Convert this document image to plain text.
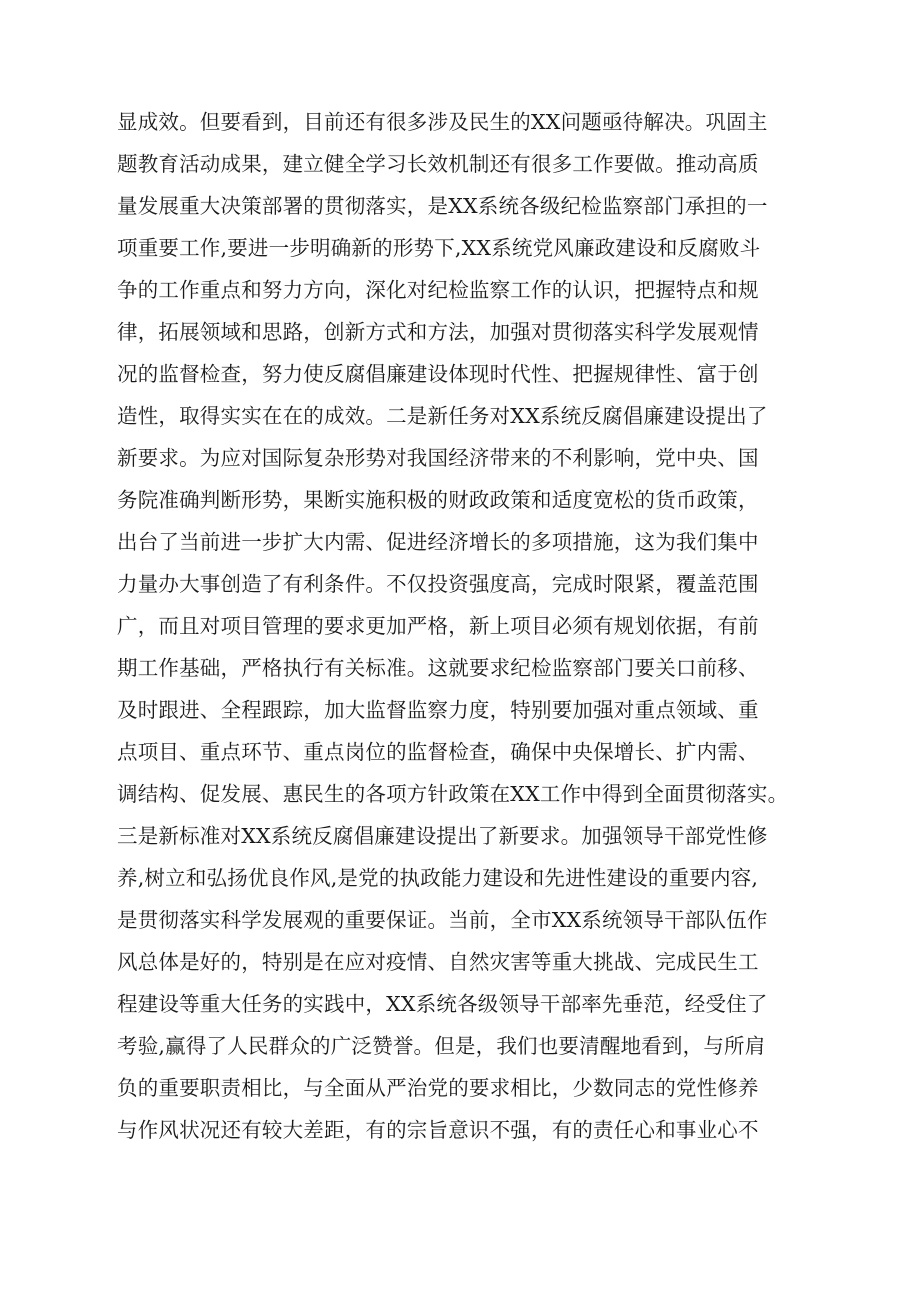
显成效。但要看到，目前还有很多涉及民生的XX问题亟待解决。巩固主
题教育活动成果，建立健全学习长效机制还有很多工作要做。推动高质
量发展重大决策部署的贯彻落实，是XX系统各级纪检监察部门承担的一
项重要工作,要进一步明确新的形势下,XX系统党风廉政建设和反腐败斗
争的工作重点和努力方向，深化对纪检监察工作的认识，把握特点和规
律，拓展领域和思路，创新方式和方法，加强对贯彻落实科学发展观情
况的监督检查，努力使反腐倡廉建设体现时代性、把握规律性、富于创
造性，取得实实在在的成效。二是新任务对XX系统反腐倡廉建设提出了
新要求。为应对国际复杂形势对我国经济带来的不利影响，党中央、国
务院准确判断形势，果断实施积极的财政政策和适度宽松的货币政策，
出台了当前进一步扩大内需、促进经济增长的多项措施，这为我们集中
力量办大事创造了有利条件。不仅投资强度高，完成时限紧，覆盖范围
广，而且对项目管理的要求更加严格，新上项目必须有规划依据，有前
期工作基础，严格执行有关标准。这就要求纪检监察部门要关口前移、
及时跟进、全程跟踪，加大监督监察力度，特别要加强对重点领域、重
点项目、重点环节、重点岗位的监督检查，确保中央保增长、扩内需、
调结构、促发展、惠民生的各项方针政策在XX工作中得到全面贯彻落实。
三是新标准对XX系统反腐倡廉建设提出了新要求。加强领导干部党性修
养,树立和弘扬优良作风,是党的执政能力建设和先进性建设的重要内容,
是贯彻落实科学发展观的重要保证。当前，全市XX系统领导干部队伍作
风总体是好的，特别是在应对疫情、自然灾害等重大挑战、完成民生工
程建设等重大任务的实践中，XX系统各级领导干部率先垂范，经受住了
考验,赢得了人民群众的广泛赞誉。但是，我们也要清醒地看到，与所肩
负的重要职责相比，与全面从严治党的要求相比，少数同志的党性修养
与作风状况还有较大差距，有的宗旨意识不强，有的责任心和事业心不
